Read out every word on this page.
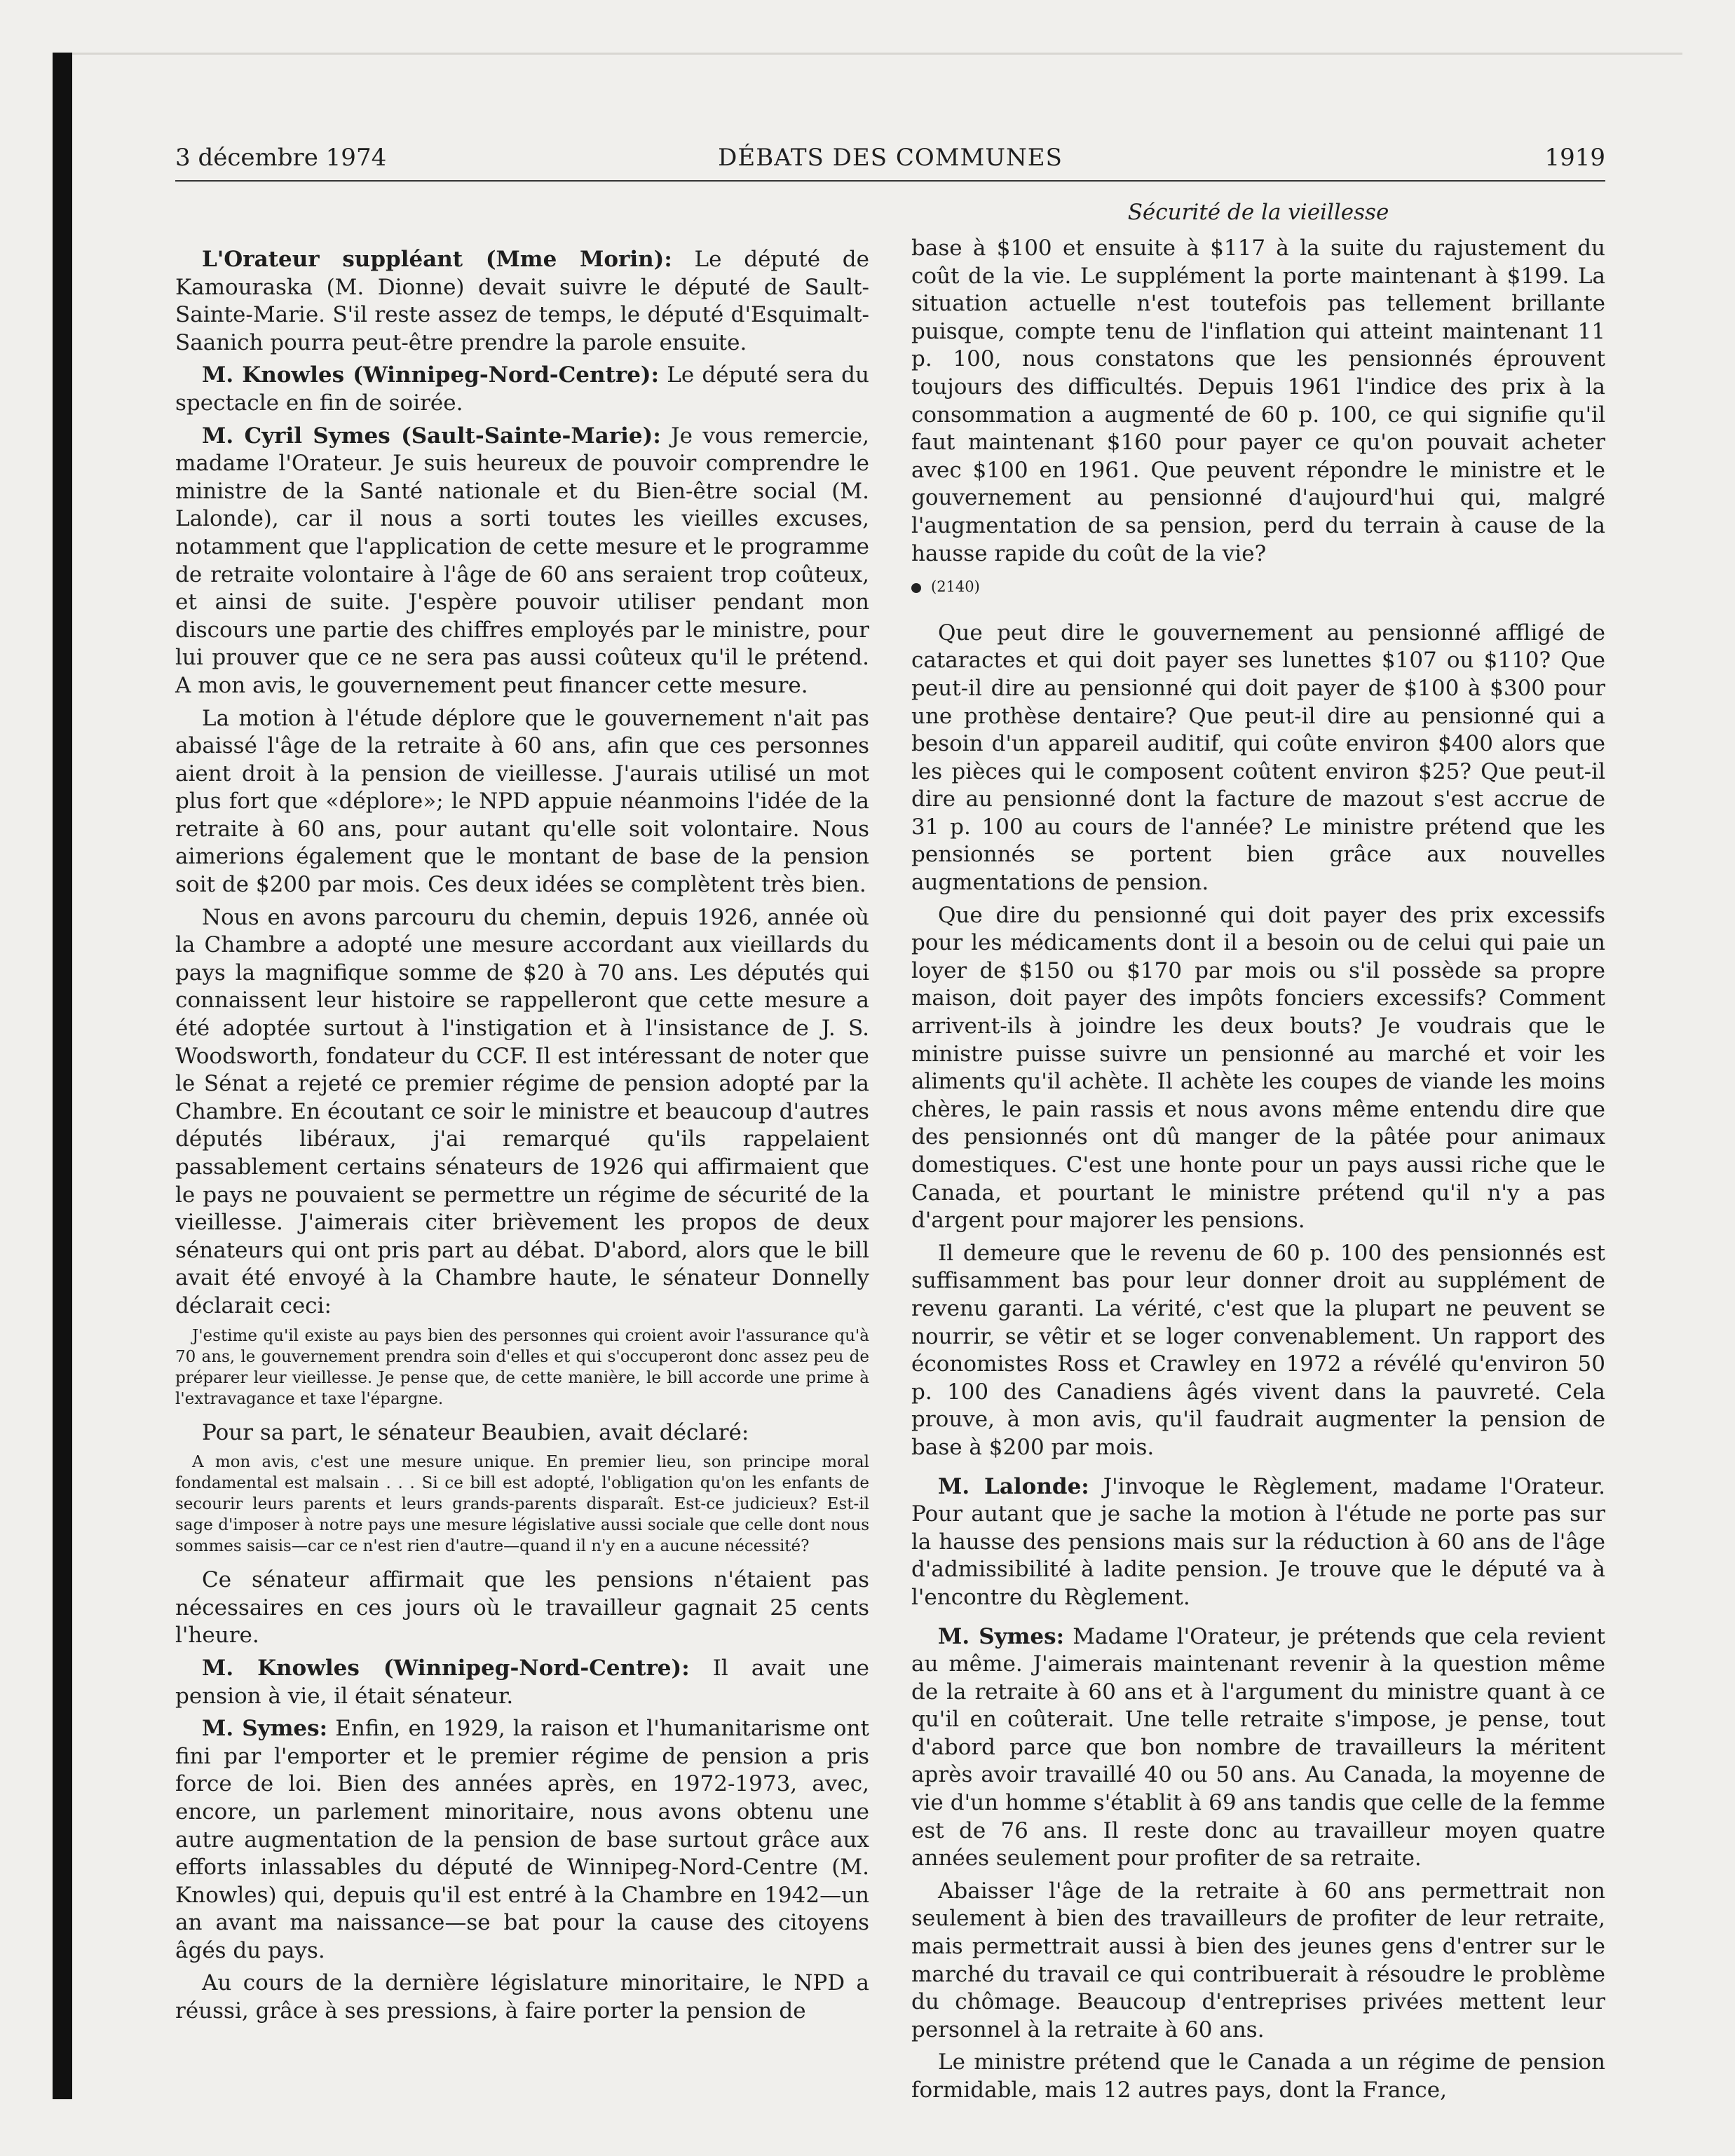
3 décembre 1974	DÉBATS DES COMMUNES	1919
Sécurité de la vieillesse

L'Orateur suppléant (Mme Morin): Le député de Kamouraska (M. Dionne) devait suivre le député de Sault-Sainte-Marie. S'il reste assez de temps, le député d'Esquimalt-Saanich pourra peut-être prendre la parole ensuite.

M. Knowles (Winnipeg-Nord-Centre): Le député sera du spectacle en fin de soirée.

M. Cyril Symes (Sault-Sainte-Marie): Je vous remercie, madame l'Orateur. Je suis heureux de pouvoir comprendre le ministre de la Santé nationale et du Bien-être social (M. Lalonde), car il nous a sorti toutes les vieilles excuses, notamment que l'application de cette mesure et le programme de retraite volontaire à l'âge de 60 ans seraient trop coûteux, et ainsi de suite. J'espère pouvoir utiliser pendant mon discours une partie des chiffres employés par le ministre, pour lui prouver que ce ne sera pas aussi coûteux qu'il le prétend. A mon avis, le gouvernement peut financer cette mesure.

La motion à l'étude déplore que le gouvernement n'ait pas abaissé l'âge de la retraite à 60 ans, afin que ces personnes aient droit à la pension de vieillesse. J'aurais utilisé un mot plus fort que «déplore»; le NPD appuie néanmoins l'idée de la retraite à 60 ans, pour autant qu'elle soit volontaire. Nous aimerions également que le montant de base de la pension soit de $200 par mois. Ces deux idées se complètent très bien.

Nous en avons parcouru du chemin, depuis 1926, année où la Chambre a adopté une mesure accordant aux vieillards du pays la magnifique somme de $20 à 70 ans. Les députés qui connaissent leur histoire se rappelleront que cette mesure a été adoptée surtout à l'instigation et à l'insistance de J. S. Woodsworth, fondateur du CCF. Il est intéressant de noter que le Sénat a rejeté ce premier régime de pension adopté par la Chambre. En écoutant ce soir le ministre et beaucoup d'autres députés libéraux, j'ai remarqué qu'ils rappelaient passablement certains sénateurs de 1926 qui affirmaient que le pays ne pouvaient se permettre un régime de sécurité de la vieillesse. J'aimerais citer brièvement les propos de deux sénateurs qui ont pris part au débat. D'abord, alors que le bill avait été envoyé à la Chambre haute, le sénateur Donnelly déclarait ceci:

J'estime qu'il existe au pays bien des personnes qui croient avoir l'assurance qu'à 70 ans, le gouvernement prendra soin d'elles et qui s'occuperont donc assez peu de préparer leur vieillesse. Je pense que, de cette manière, le bill accorde une prime à l'extravagance et taxe l'épargne.

Pour sa part, le sénateur Beaubien, avait déclaré:

A mon avis, c'est une mesure unique. En premier lieu, son principe moral fondamental est malsain . . . Si ce bill est adopté, l'obligation qu'on les enfants de secourir leurs parents et leurs grands-parents disparaît. Est-ce judicieux? Est-il sage d'imposer à notre pays une mesure législative aussi sociale que celle dont nous sommes saisis—car ce n'est rien d'autre—quand il n'y en a aucune nécessité?

Ce sénateur affirmait que les pensions n'étaient pas nécessaires en ces jours où le travailleur gagnait 25 cents l'heure.

M. Knowles (Winnipeg-Nord-Centre): Il avait une pension à vie, il était sénateur.

M. Symes: Enfin, en 1929, la raison et l'humanitarisme ont fini par l'emporter et le premier régime de pension a pris force de loi. Bien des années après, en 1972-1973, avec, encore, un parlement minoritaire, nous avons obtenu une autre augmentation de la pension de base surtout grâce aux efforts inlassables du député de Winnipeg-Nord-Centre (M. Knowles) qui, depuis qu'il est entré à la Chambre en 1942—un an avant ma naissance—se bat pour la cause des citoyens âgés du pays.

Au cours de la dernière législature minoritaire, le NPD a réussi, grâce à ses pressions, à faire porter la pension de

base à $100 et ensuite à $117 à la suite du rajustement du coût de la vie. Le supplément la porte maintenant à $199. La situation actuelle n'est toutefois pas tellement brillante puisque, compte tenu de l'inflation qui atteint maintenant 11 p. 100, nous constatons que les pensionnés éprouvent toujours des difficultés. Depuis 1961 l'indice des prix à la consommation a augmenté de 60 p. 100, ce qui signifie qu'il faut maintenant $160 pour payer ce qu'on pouvait acheter avec $100 en 1961. Que peuvent répondre le ministre et le gouvernement au pensionné d'aujourd'hui qui, malgré l'augmentation de sa pension, perd du terrain à cause de la hausse rapide du coût de la vie?

(2140)

Que peut dire le gouvernement au pensionné affligé de cataractes et qui doit payer ses lunettes $107 ou $110? Que peut-il dire au pensionné qui doit payer de $100 à $300 pour une prothèse dentaire? Que peut-il dire au pensionné qui a besoin d'un appareil auditif, qui coûte environ $400 alors que les pièces qui le composent coûtent environ $25? Que peut-il dire au pensionné dont la facture de mazout s'est accrue de 31 p. 100 au cours de l'année? Le ministre prétend que les pensionnés se portent bien grâce aux nouvelles augmentations de pension.

Que dire du pensionné qui doit payer des prix excessifs pour les médicaments dont il a besoin ou de celui qui paie un loyer de $150 ou $170 par mois ou s'il possède sa propre maison, doit payer des impôts fonciers excessifs? Comment arrivent-ils à joindre les deux bouts? Je voudrais que le ministre puisse suivre un pensionné au marché et voir les aliments qu'il achète. Il achète les coupes de viande les moins chères, le pain rassis et nous avons même entendu dire que des pensionnés ont dû manger de la pâtée pour animaux domestiques. C'est une honte pour un pays aussi riche que le Canada, et pourtant le ministre prétend qu'il n'y a pas d'argent pour majorer les pensions.

Il demeure que le revenu de 60 p. 100 des pensionnés est suffisamment bas pour leur donner droit au supplément de revenu garanti. La vérité, c'est que la plupart ne peuvent se nourrir, se vêtir et se loger convenablement. Un rapport des économistes Ross et Crawley en 1972 a révélé qu'environ 50 p. 100 des Canadiens âgés vivent dans la pauvreté. Cela prouve, à mon avis, qu'il faudrait augmenter la pension de base à $200 par mois.

M. Lalonde: J'invoque le Règlement, madame l'Orateur. Pour autant que je sache la motion à l'étude ne porte pas sur la hausse des pensions mais sur la réduction à 60 ans de l'âge d'admissibilité à ladite pension. Je trouve que le député va à l'encontre du Règlement.

M. Symes: Madame l'Orateur, je prétends que cela revient au même. J'aimerais maintenant revenir à la question même de la retraite à 60 ans et à l'argument du ministre quant à ce qu'il en coûterait. Une telle retraite s'impose, je pense, tout d'abord parce que bon nombre de travailleurs la méritent après avoir travaillé 40 ou 50 ans. Au Canada, la moyenne de vie d'un homme s'établit à 69 ans tandis que celle de la femme est de 76 ans. Il reste donc au travailleur moyen quatre années seulement pour profiter de sa retraite.

Abaisser l'âge de la retraite à 60 ans permettrait non seulement à bien des travailleurs de profiter de leur retraite, mais permettrait aussi à bien des jeunes gens d'entrer sur le marché du travail ce qui contribuerait à résoudre le problème du chômage. Beaucoup d'entreprises privées mettent leur personnel à la retraite à 60 ans.

Le ministre prétend que le Canada a un régime de pension formidable, mais 12 autres pays, dont la France,
